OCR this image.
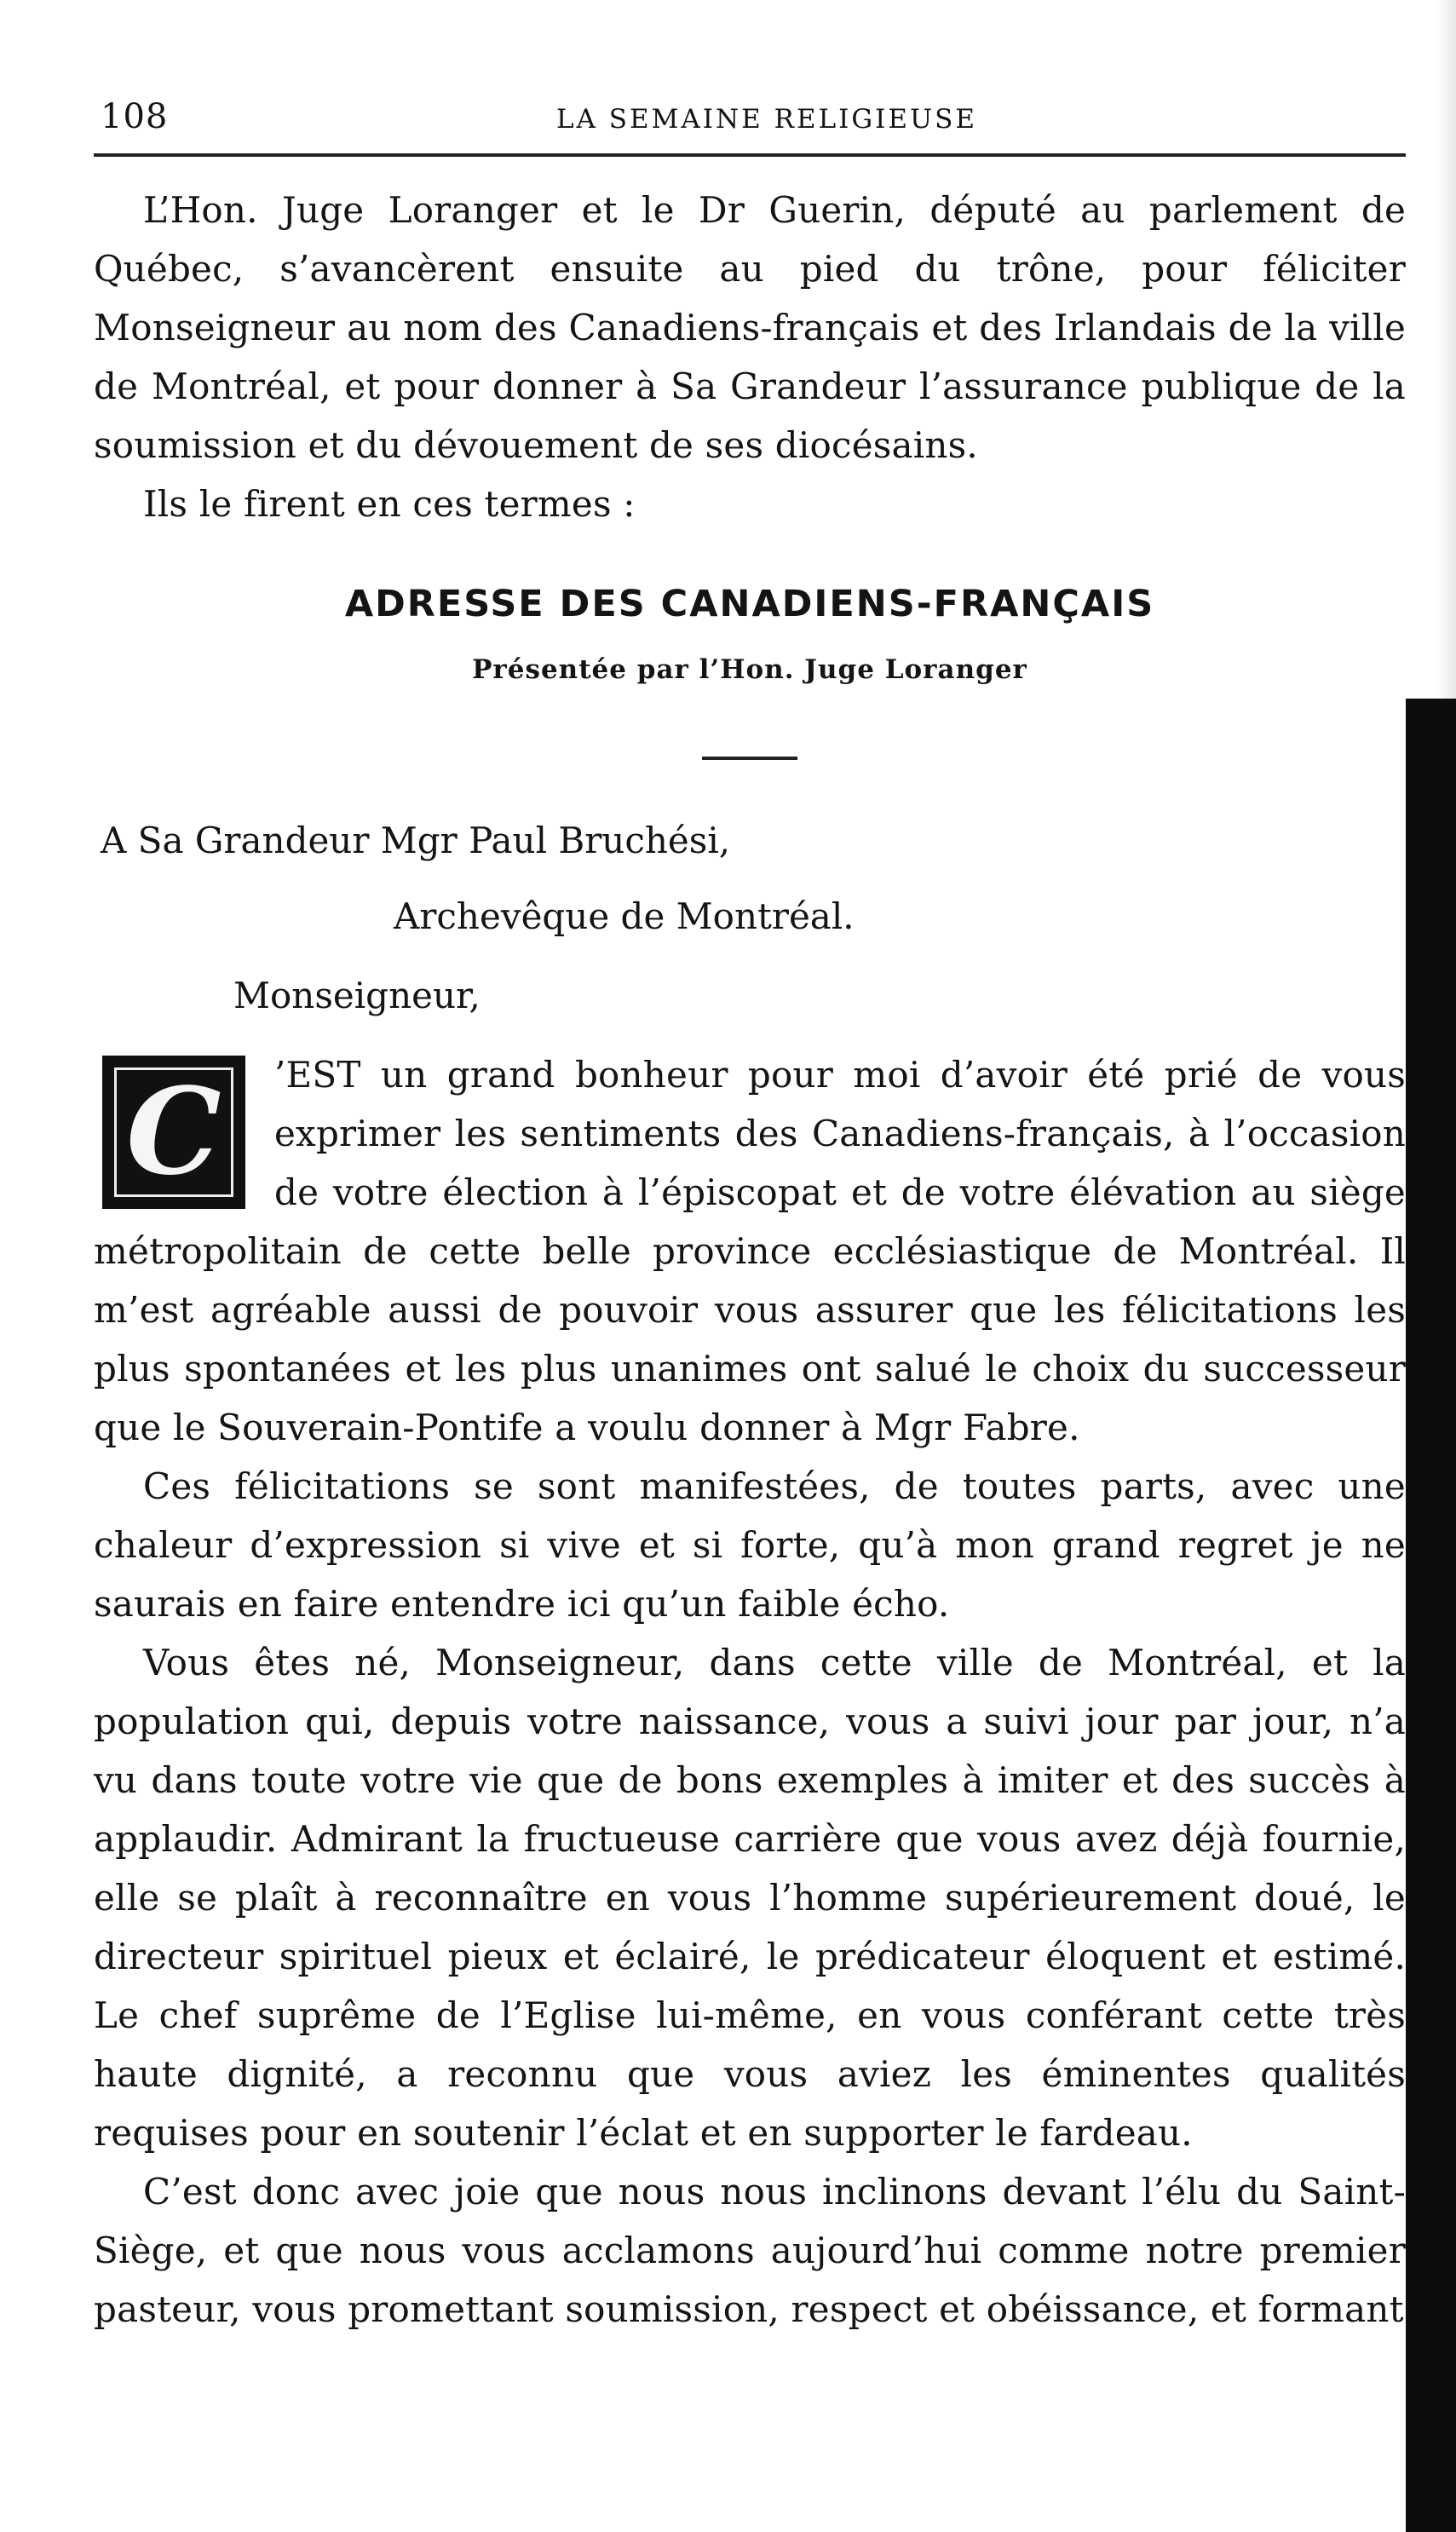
108	LA SEMAINE RELIGIEUSE

L’Hon. Juge Loranger et le Dr Guerin, député au parlement de Québec, s’avancèrent ensuite au pied du trône, pour féliciter Monseigneur au nom des Canadiens-français et des Irlandais de la ville de Montréal, et pour donner à Sa Grandeur l’assurance publique de la soumission et du dévouement de ses diocésains.

Ils le firent en ces termes :

ADRESSE DES CANADIENS-FRANÇAIS
Présentée par l’Hon. Juge Loranger

A Sa Grandeur Mgr Paul Bruchési,

Archevêque de Montréal.

Monseigneur,

C	’EST un grand bonheur pour moi d’avoir été prié de vous exprimer les sentiments des Canadiens-français, à l’occasion de votre élection à l’épiscopat et de votre élévation au siège métropolitain de cette belle province ecclésiastique de Montréal. Il m’est agréable aussi de pouvoir vous assurer que les félicitations les plus spontanées et les plus unanimes ont salué le choix du successeur que le Souverain-Pontife a voulu donner à Mgr Fabre.

Ces félicitations se sont manifestées, de toutes parts, avec une chaleur d’expression si vive et si forte, qu’à mon grand regret je ne saurais en faire entendre ici qu’un faible écho.

Vous êtes né, Monseigneur, dans cette ville de Montréal, et la population qui, depuis votre naissance, vous a suivi jour par jour, n’a vu dans toute votre vie que de bons exemples à imiter et des succès à applaudir. Admirant la fructueuse carrière que vous avez déjà fournie, elle se plaît à reconnaître en vous l’homme supérieurement doué, le directeur spirituel pieux et éclairé, le prédicateur éloquent et estimé. Le chef suprême de l’Eglise lui-même, en vous conférant cette très haute dignité, a reconnu que vous aviez les éminentes qualités requises pour en soutenir l’éclat et en supporter le fardeau.

C’est donc avec joie que nous nous inclinons devant l’élu du Saint-Siège, et que nous vous acclamons aujourd’hui comme notre premier pasteur, vous promettant soumission, respect et obéissance, et formant
